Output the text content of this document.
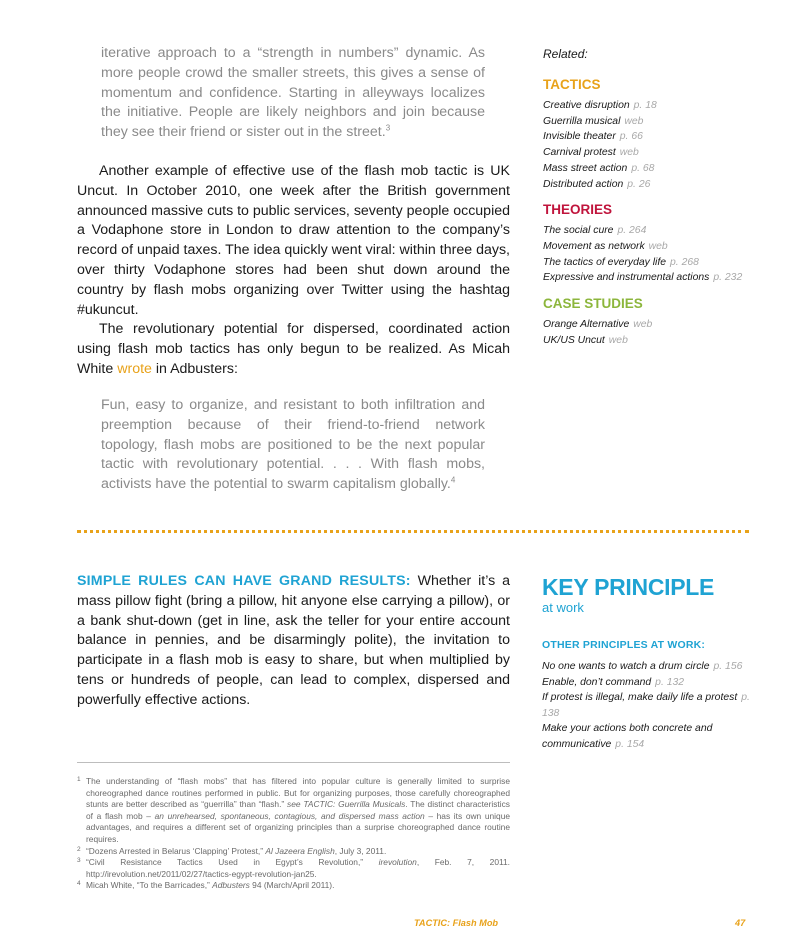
iterative approach to a “strength in numbers” dynamic. As more people crowd the smaller streets, this gives a sense of momentum and confidence. Starting in alleyways localizes the initiative. People are likely neighbors and join because they see their friend or sister out in the street.$^3$

Another example of effective use of the flash mob tactic is UK Uncut. In October 2010, one week after the British government announced massive cuts to public services, seventy people occupied a Vodaphone store in London to draw attention to the company’s record of unpaid taxes. The idea quickly went viral: within three days, over thirty Vodaphone stores had been shut down around the country by flash mobs organizing over Twitter using the hashtag #ukuncut.

The revolutionary potential for dispersed, coordinated action using flash mob tactics has only begun to be realized. As Micah White wrote in Adbusters:

Fun, easy to organize, and resistant to both infiltration and preemption because of their friend-to-friend network topology, flash mobs are positioned to be the next popular tactic with revolutionary potential. . . . With flash mobs, activists have the potential to swarm capitalism globally.$^4$

Related:

TACTICS
Creative disruption p. 18
Guerrilla musical web
Invisible theater p. 66
Carnival protest web
Mass street action p. 68
Distributed action p. 26
THEORIES
The social cure p. 264
Movement as network web
The tactics of everyday life p. 268
Expressive and instrumental actions p. 232
CASE STUDIES
Orange Alternative web
UK/US Uncut web
SIMPLE RULES CAN HAVE GRAND RESULTS: Whether it’s a mass pillow fight (bring a pillow, hit anyone else carrying a pillow), or a bank shut-down (get in line, ask the teller for your entire account balance in pennies, and be disarmingly polite), the invitation to participate in a flash mob is easy to share, but when multiplied by tens or hundreds of people, can lead to complex, dispersed and powerfully effective actions.
KEY PRINCIPLE
at work
OTHER PRINCIPLES AT WORK:
No one wants to watch a drum circle p. 156
Enable, don’t command p. 132
If protest is illegal, make daily life a protest p. 138
Make your actions both concrete and communicative p. 154
1 The understanding of “flash mobs” that has filtered into popular culture is generally limited to surprise choreographed dance routines performed in public. But for organizing purposes, those carefully choreographed stunts are better described as “guerrilla” than “flash.” see TACTIC: Guerrilla Musicals. The distinct characteristics of a flash mob – an unrehearsed, spontaneous, contagious, and dispersed mass action – has its own unique advantages, and requires a different set of organizing principles than a surprise choreographed dance routine requires.
2 “Dozens Arrested in Belarus ‘Clapping’ Protest,” Al Jazeera English, July 3, 2011.
3 “Civil Resistance Tactics Used in Egypt’s Revolution,” irevolution, Feb. 7, 2011. http://irevolution.net/2011/02/27/tactics-egypt-revolution-jan25.
4 Micah White, “To the Barricades,” Adbusters 94 (March/April 2011).
TACTIC: Flash Mob	47
